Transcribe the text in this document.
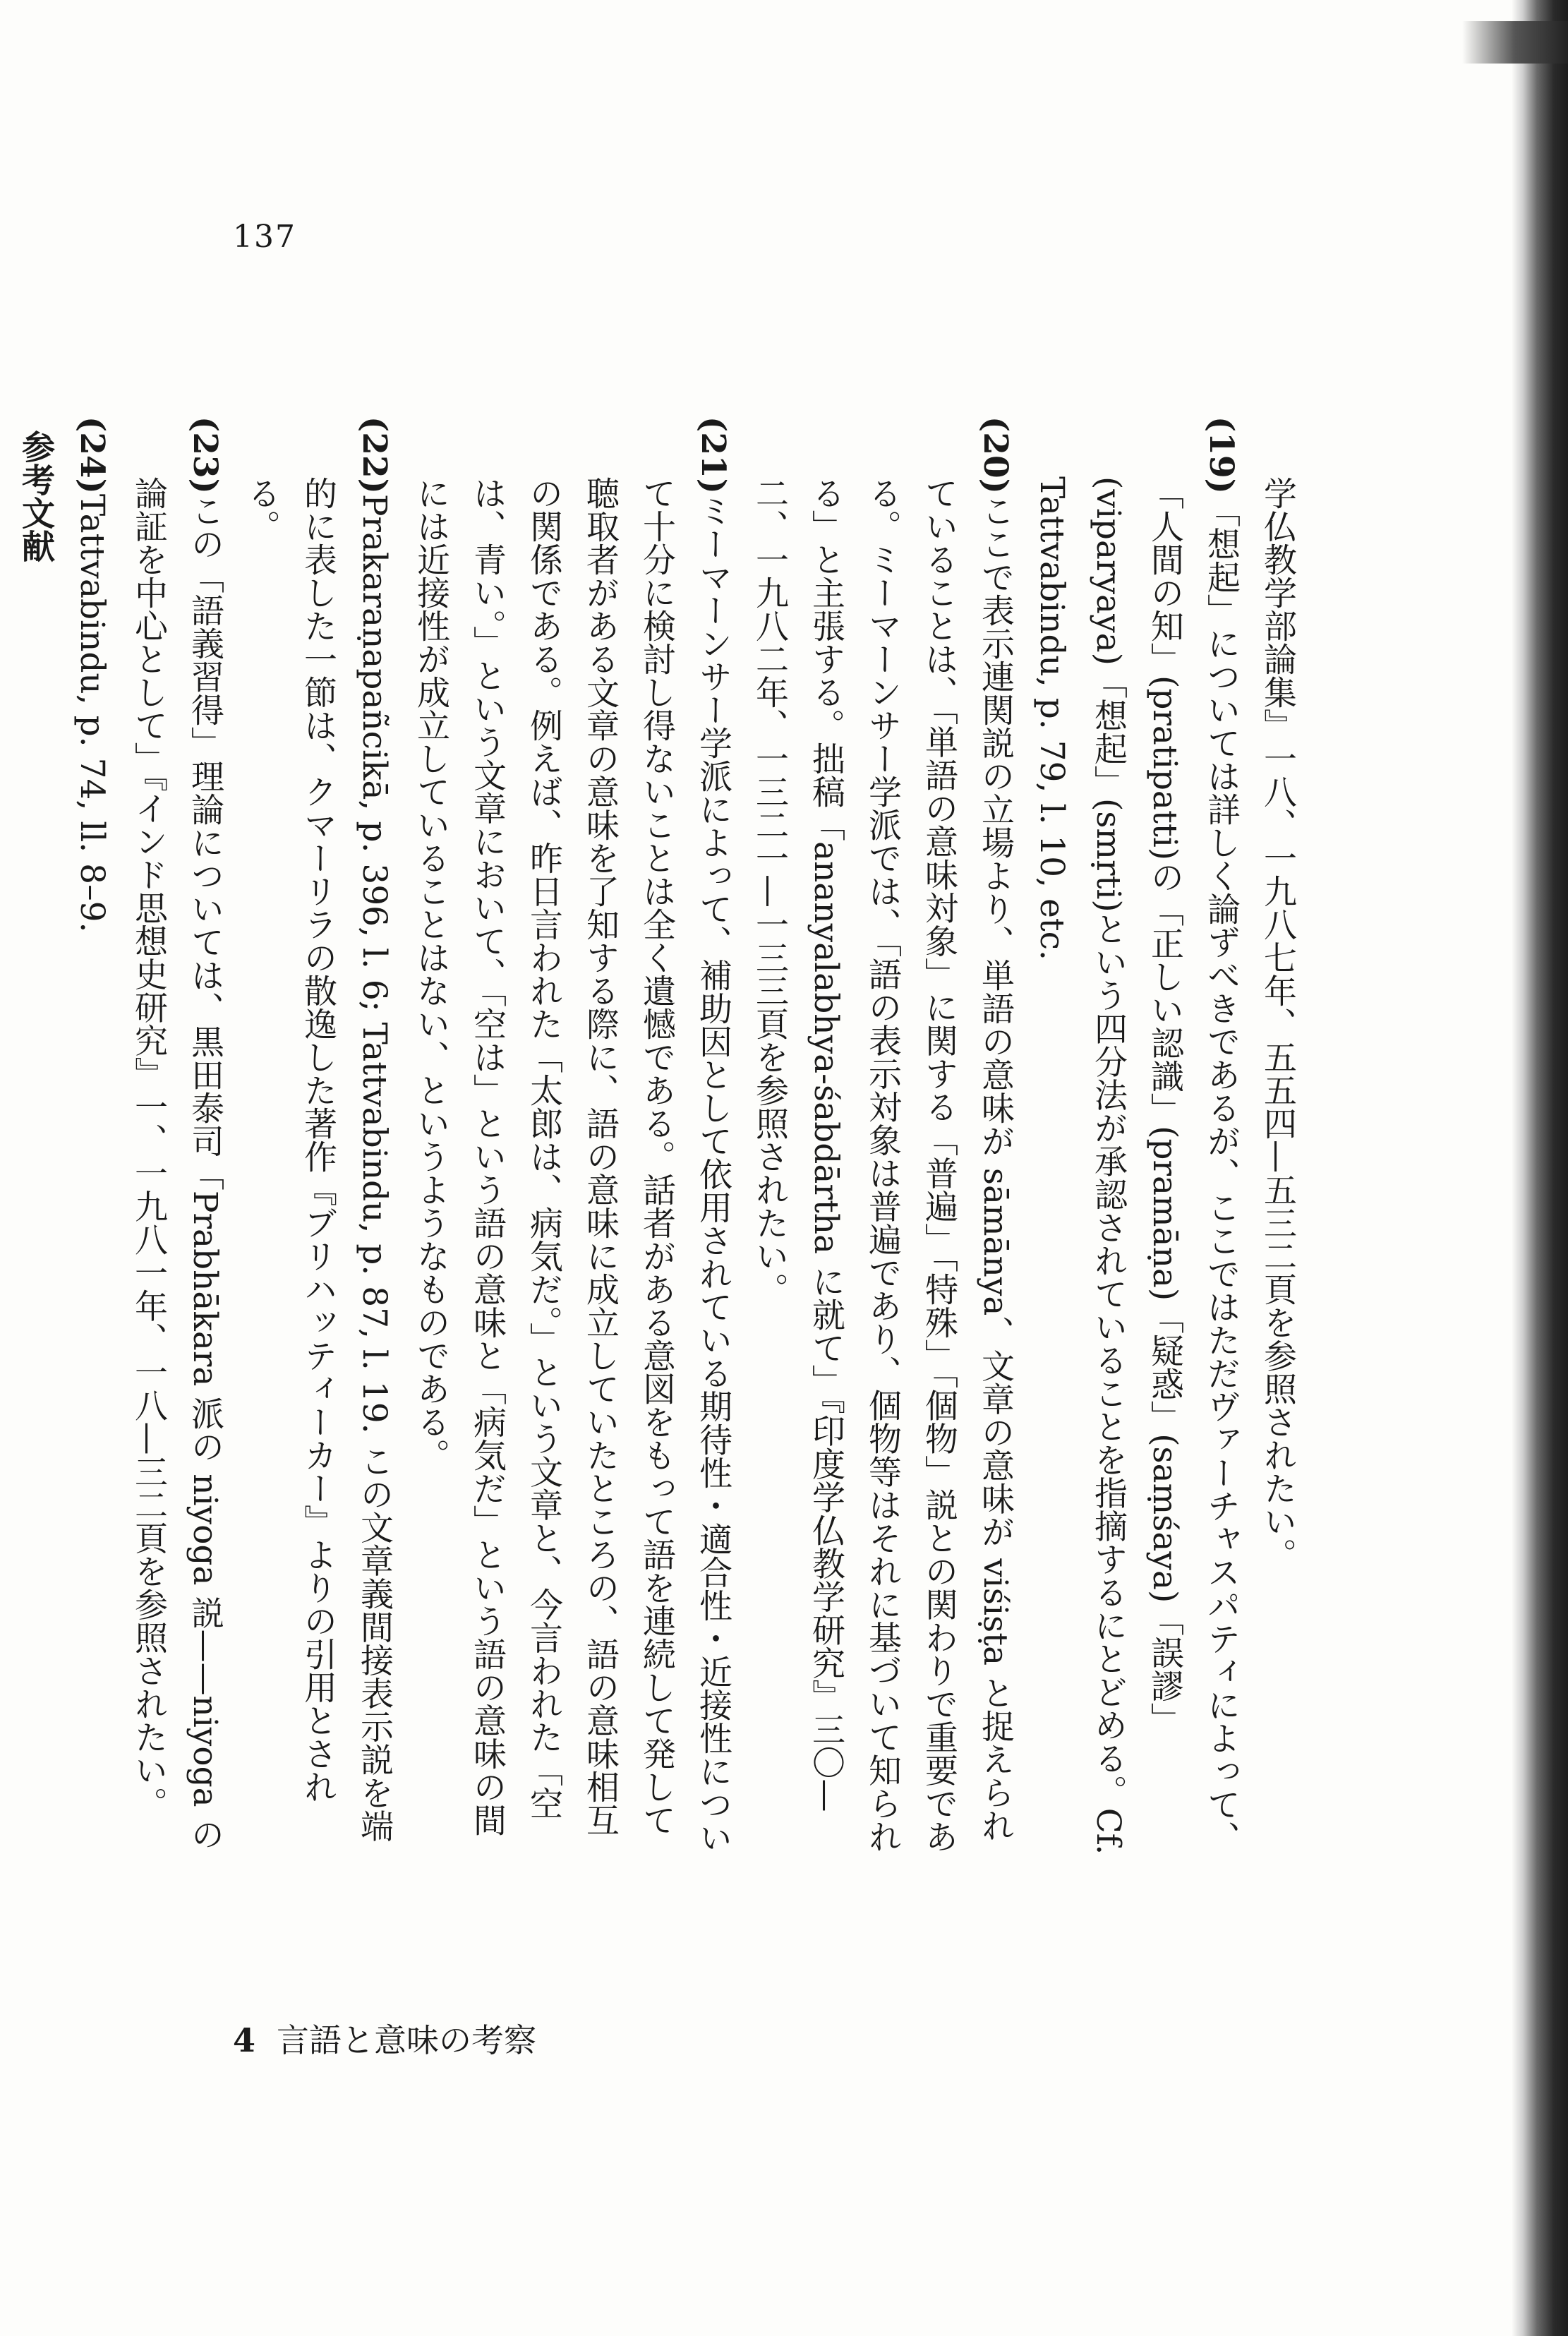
137

学仏教学部論集』一八、一九八七年、五五四—五三二頁を参照されたい。

(19)「想起」については詳しく論ずべきであるが、ここではただヴァーチャスパティによって、「人間の知」(pratipatti)の「正しい認識」(pramāṇa)「疑惑」(saṃśaya)「誤謬」(viparyaya)「想起」(smṛti)という四分法が承認されていることを指摘するにとどめる。Cf. Tattvabindu, p. 79, l. 10, etc.

(20)ここで表示連関説の立場より、単語の意味が sāmānya、文章の意味が viśiṣṭa と捉えられていることは、「単語の意味対象」に関する「普遍」「特殊」「個物」説との関わりで重要である。ミーマーンサー学派では、「語の表示対象は普遍であり、個物等はそれに基づいて知られる」と主張する。拙稿「ananyalabhya-śabdārtha に就て」『印度学仏教学研究』三〇—二、一九八二年、一三二一—一三三頁を参照されたい。

(21)ミーマーンサー学派によって、補助因として依用されている期待性・適合性・近接性について十分に検討し得ないことは全く遺憾である。話者がある意図をもって語を連続して発して聴取者がある文章の意味を了知する際に、語の意味に成立していたところの、語の意味相互の関係である。例えば、昨日言われた「太郎は、病気だ。」という文章と、今言われた「空は、青い。」という文章において、「空は」という語の意味と「病気だ」という語の意味の間には近接性が成立していることはない、というようなものである。

(22)Prakaraṇapañcikā, p. 396, l. 6; Tattvabindu, p. 87, l. 19. この文章義間接表示説を端的に表した一節は、クマーリラの散逸した著作『ブリハッティーカー』よりの引用とされる。

(23)この「語義習得」理論については、黒田泰司「Prabhākara 派の niyoga 説——niyoga の論証を中心として」『インド思想史研究』一、一九八一年、一八—三二頁を参照されたい。

(24)Tattvabindu, p. 74, ll. 8–9.

参考文献

4 言語と意味の考察
